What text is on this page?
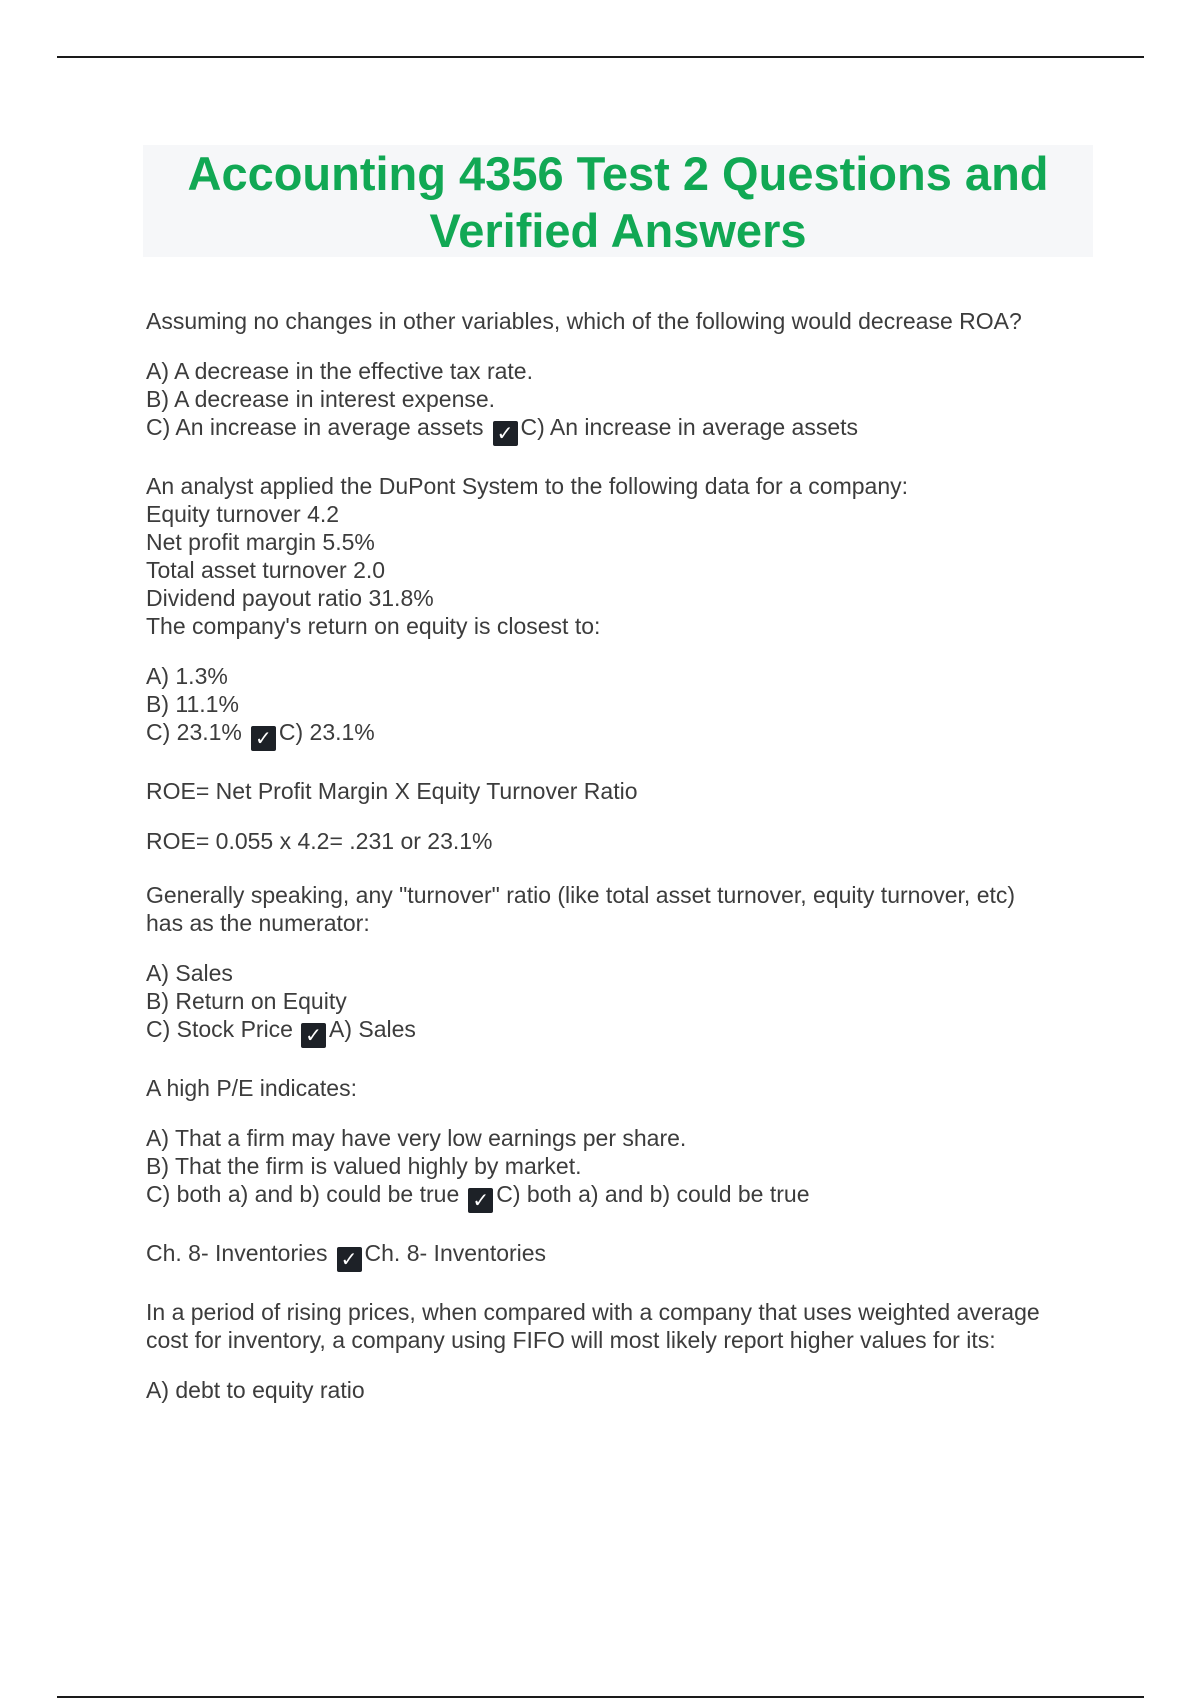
Accounting 4356 Test 2 Questions and
Verified Answers

Assuming no changes in other variables, which of the following would decrease ROA?

A) A decrease in the effective tax rate.

B) A decrease in interest expense.

C) An increase in average assets ✓ C) An increase in average assets

An analyst applied the DuPont System to the following data for a company:

Equity turnover 4.2

Net profit margin 5.5%

Total asset turnover 2.0

Dividend payout ratio 31.8%

The company's return on equity is closest to:

A) 1.3%

B) 11.1%

C) 23.1% ✓ C) 23.1%

ROE= Net Profit Margin X Equity Turnover Ratio

ROE= 0.055 x 4.2= .231 or 23.1%

Generally speaking, any "turnover" ratio (like total asset turnover, equity turnover, etc)

has as the numerator:

A) Sales

B) Return on Equity

C) Stock Price ✓ A) Sales

A high P/E indicates:

A) That a firm may have very low earnings per share.

B) That the firm is valued highly by market.

C) both a) and b) could be true ✓ C) both a) and b) could be true

Ch. 8- Inventories ✓ Ch. 8- Inventories

In a period of rising prices, when compared with a company that uses weighted average

cost for inventory, a company using FIFO will most likely report higher values for its:

A) debt to equity ratio
